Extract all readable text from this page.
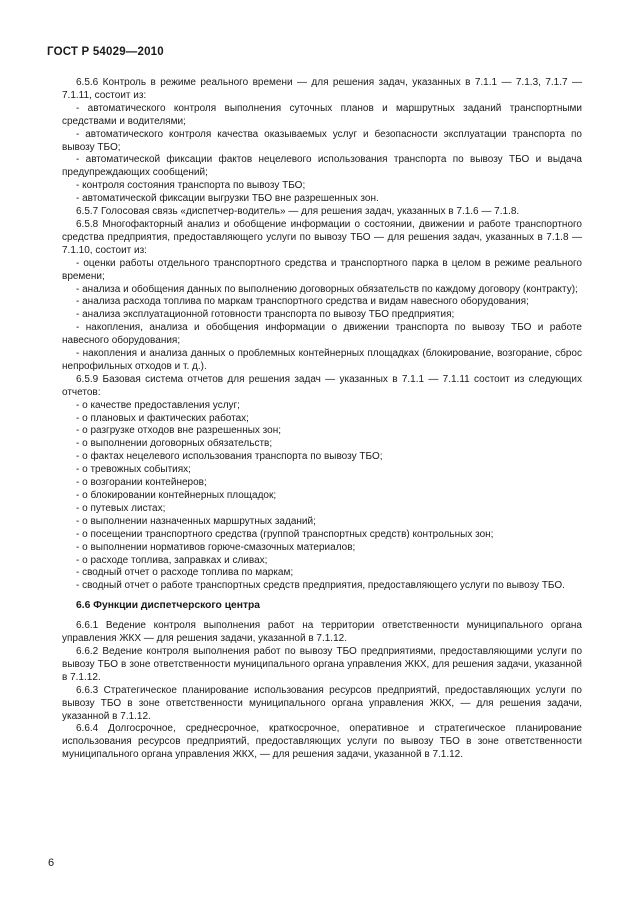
ГОСТ Р 54029—2010

6.5.6 Контроль в режиме реального времени — для решения задач, указанных в 7.1.1 — 7.1.3, 7.1.7 — 7.1.11, состоит из:

- автоматического контроля выполнения суточных планов и маршрутных заданий транспортными средствами и водителями;

- автоматического контроля качества оказываемых услуг и безопасности эксплуатации транспорта по вывозу ТБО;

- автоматической фиксации фактов нецелевого использования транспорта по вывозу ТБО и выдача предупреждающих сообщений;

- контроля состояния транспорта по вывозу ТБО;

- автоматической фиксации выгрузки ТБО вне разрешенных зон.

6.5.7 Голосовая связь «диспетчер-водитель» — для решения задач, указанных в 7.1.6 — 7.1.8.

6.5.8 Многофакторный анализ и обобщение информации о состоянии, движении и работе транспортного средства предприятия, предоставляющего услуги по вывозу ТБО — для решения задач, указанных в 7.1.8 — 7.1.10, состоит из:

- оценки работы отдельного транспортного средства и транспортного парка в целом в режиме реального времени;

- анализа и обобщения данных по выполнению договорных обязательств по каждому договору (контракту);

- анализа расхода топлива по маркам транспортного средства и видам навесного оборудования;

- анализа эксплуатационной готовности транспорта по вывозу ТБО предприятия;

- накопления, анализа и обобщения информации о движении транспорта по вывозу ТБО и работе навесного оборудования;

- накопления и анализа данных о проблемных контейнерных площадках (блокирование, возгорание, сброс непрофильных отходов и т. д.).

6.5.9 Базовая система отчетов для решения задач — указанных в 7.1.1 — 7.1.11 состоит из следующих отчетов:

- о качестве предоставления услуг;

- о плановых и фактических работах;

- о разгрузке отходов вне разрешенных зон;

- о выполнении договорных обязательств;

- о фактах нецелевого использования транспорта по вывозу ТБО;

- о тревожных событиях;

- о возгорании контейнеров;

- о блокировании контейнерных площадок;

- о путевых листах;

- о выполнении назначенных маршрутных заданий;

- о посещении транспортного средства (группой транспортных средств) контрольных зон;

- о выполнении нормативов горюче-смазочных материалов;

- о расходе топлива, заправках и сливах;

- сводный отчет о расходе топлива по маркам;

- сводный отчет о работе транспортных средств предприятия, предоставляющего услуги по вывозу ТБО.

6.6 Функции диспетчерского центра

6.6.1 Ведение контроля выполнения работ на территории ответственности муниципального органа управления ЖКХ — для решения задачи, указанной в 7.1.12.

6.6.2 Ведение контроля выполнения работ по вывозу ТБО предприятиями, предоставляющими услуги по вывозу ТБО в зоне ответственности муниципального органа управления ЖКХ, для решения задачи, указанной в 7.1.12.

6.6.3 Стратегическое планирование использования ресурсов предприятий, предоставляющих услуги по вывозу ТБО в зоне ответственности муниципального органа управления ЖКХ, — для решения задачи, указанной в 7.1.12.

6.6.4 Долгосрочное, среднесрочное, краткосрочное, оперативное и стратегическое планирование использования ресурсов предприятий, предоставляющих услуги по вывозу ТБО в зоне ответственности муниципального органа управления ЖКХ, — для решения задачи, указанной в 7.1.12.

6
